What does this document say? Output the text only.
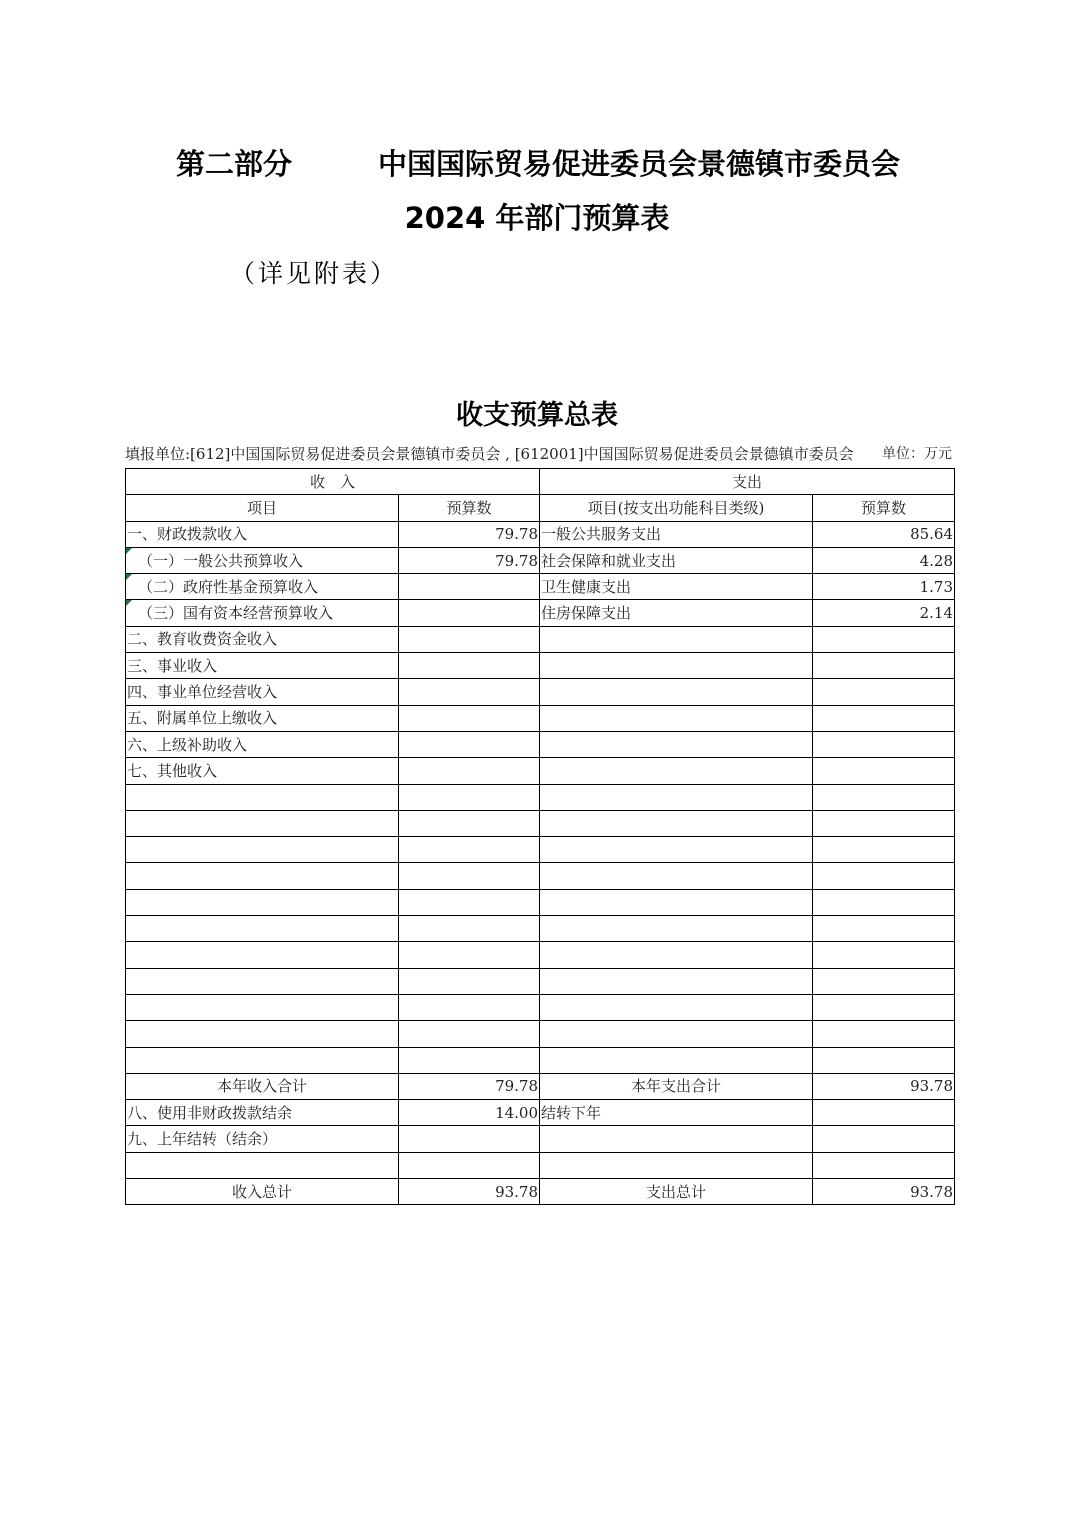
第二部分	中国国际贸易促进委员会景德镇市委员会
2024 年部门预算表
（详见附表）
收支预算总表
填报单位:[612]中国国际贸易促进委员会景德镇市委员会 , [612001]中国国际贸易促进委员会景德镇市委员会 单位：万元
收　入		支出	
项目	预算数	项目(按支出功能科目类级)	预算数
一、财政拨款收入	79.78	一般公共服务支出	85.64
（一）一般公共预算收入	79.78	社会保障和就业支出	4.28
（二）政府性基金预算收入		卫生健康支出	1.73
（三）国有资本经营预算收入		住房保障支出	2.14
二、教育收费资金收入			
三、事业收入			
四、事业单位经营收入			
五、附属单位上缴收入			
六、上级补助收入			
七、其他收入			

本年收入合计	79.78	本年支出合计	93.78
八、使用非财政拨款结余	14.00	结转下年	
九、上年结转（结余）			

收入总计	93.78	支出总计	93.78
